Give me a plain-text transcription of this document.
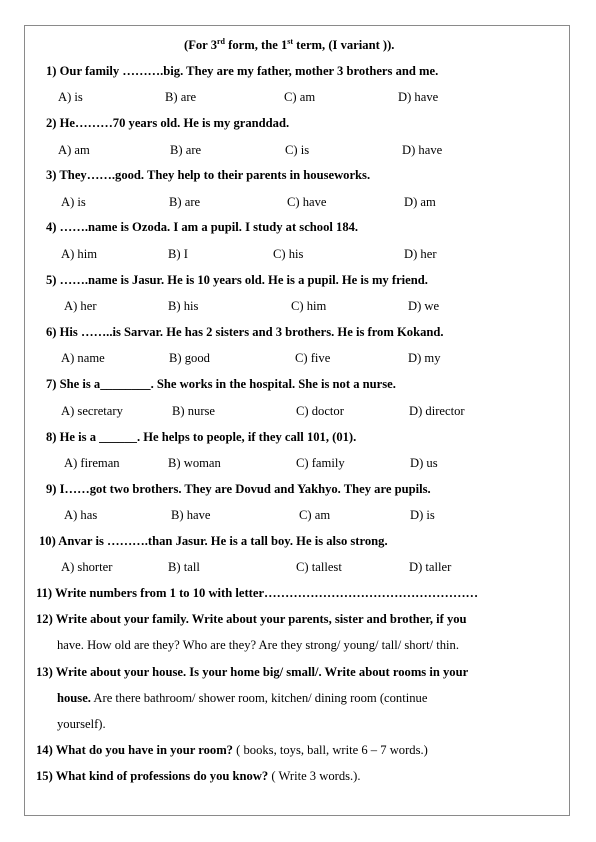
(For 3rd form, the 1st term, (I variant )).
1) Our family ……….big. They are my father, mother 3 brothers and me.
A) is	B) are	C) am	D) have
2) He………70 years old. He is my granddad.
A) am	B) are	C) is	D) have
3) They…….good. They help to their parents in houseworks.
A) is	B) are	C) have	D) am
4) …….name is Ozoda. I am a pupil. I study at school 184.
A) him	B) I	C) his	D) her
5) …….name is Jasur. He is 10 years old. He is a pupil. He is my friend.
A) her	B) his	C) him	D) we
6) His ……..is Sarvar. He has 2 sisters and 3 brothers. He is from Kokand.
A) name	B) good	C) five	D) my
7) She is a________. She works in the hospital. She is not a nurse.
A) secretary	B) nurse	C) doctor	D) director
8) He is a ______. He helps to people, if they call 101, (01).
A) fireman	B) woman	C) family	D) us
9) I……got two brothers. They are Dovud and Yakhyo. They are pupils.
A) has	B) have	C) am	D) is
10) Anvar is ……….than Jasur. He is a tall boy. He is also strong.
A) shorter	B) tall	C) tallest	D) taller
11) Write numbers from 1 to 10 with letter……………………………………………
12) Write about your family. Write about your parents, sister and brother, if you
have. How old are they? Who are they? Are they strong/ young/ tall/ short/ thin.
13) Write about your house. Is your home big/ small/. Write about rooms in your
house. Are there bathroom/ shower room, kitchen/ dining room (continue
yourself).
14) What do you have in your room? ( books, toys, ball, write 6 – 7 words.)
15) What kind of professions do you know? ( Write 3 words.).
